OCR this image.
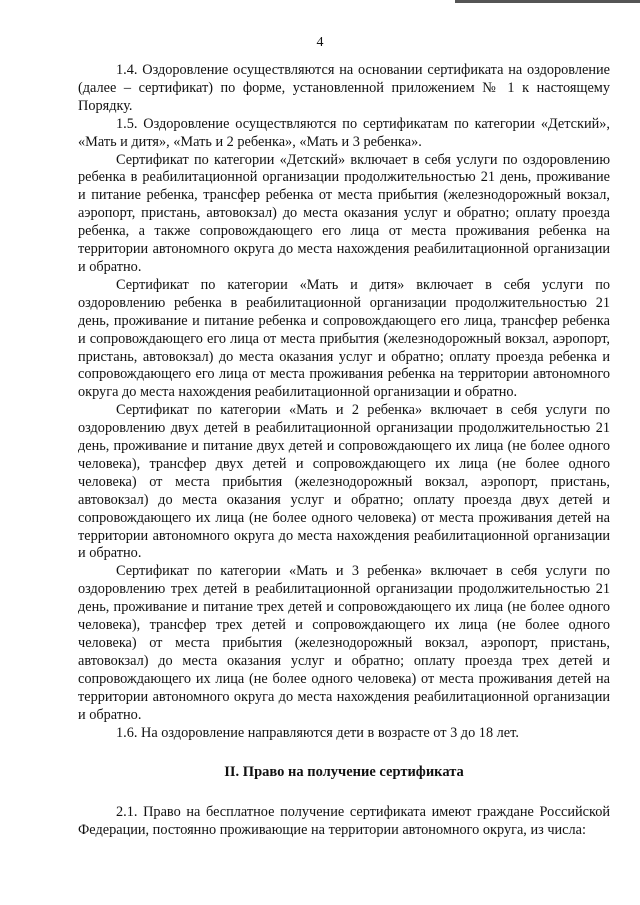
4

1.4. Оздоровление осуществляются на основании сертификата на оздоровление (далее – сертификат) по форме, установленной приложением № 1 к настоящему Порядку.

1.5. Оздоровление осуществляются по сертификатам по категории «Детский», «Мать и дитя», «Мать и 2 ребенка», «Мать и 3 ребенка».

Сертификат по категории «Детский» включает в себя услуги по оздоровлению ребенка в реабилитационной организации продолжительностью 21 день, проживание и питание ребенка, трансфер ребенка от места прибытия (железнодорожный вокзал, аэропорт, пристань, автовокзал) до места оказания услуг и обратно; оплату проезда ребенка, а также сопровождающего его лица от места проживания ребенка на территории автономного округа до места нахождения реабилитационной организации и обратно.

Сертификат по категории «Мать и дитя» включает в себя услуги по оздоровлению ребенка в реабилитационной организации продолжительностью 21 день, проживание и питание ребенка и сопровождающего его лица, трансфер ребенка и сопровождающего его лица от места прибытия (железнодорожный вокзал, аэропорт, пристань, автовокзал) до места оказания услуг и обратно; оплату проезда ребенка и сопровождающего его лица от места проживания ребенка на территории автономного округа до места нахождения реабилитационной организации и обратно.

Сертификат по категории «Мать и 2 ребенка» включает в себя услуги по оздоровлению двух детей в реабилитационной организации продолжительностью 21 день, проживание и питание двух детей и сопровождающего их лица (не более одного человека), трансфер двух детей и сопровождающего их лица (не более одного человека) от места прибытия (железнодорожный вокзал, аэропорт, пристань, автовокзал) до места оказания услуг и обратно; оплату проезда двух детей и сопровождающего их лица (не более одного человека) от места проживания детей на территории автономного округа до места нахождения реабилитационной организации и обратно.

Сертификат по категории «Мать и 3 ребенка» включает в себя услуги по оздоровлению трех детей в реабилитационной организации продолжительностью 21 день, проживание и питание трех детей и сопровождающего их лица (не более одного человека), трансфер трех детей и сопровождающего их лица (не более одного человека) от места прибытия (железнодорожный вокзал, аэропорт, пристань, автовокзал) до места оказания услуг и обратно; оплату проезда трех детей и сопровождающего их лица (не более одного человека) от места проживания детей на территории автономного округа до места нахождения реабилитационной организации и обратно.

1.6. На оздоровление направляются дети в возрасте от 3 до 18 лет.

II. Право на получение сертификата

2.1. Право на бесплатное получение сертификата имеют граждане Российской Федерации, постоянно проживающие на территории автономного округа, из числа:
